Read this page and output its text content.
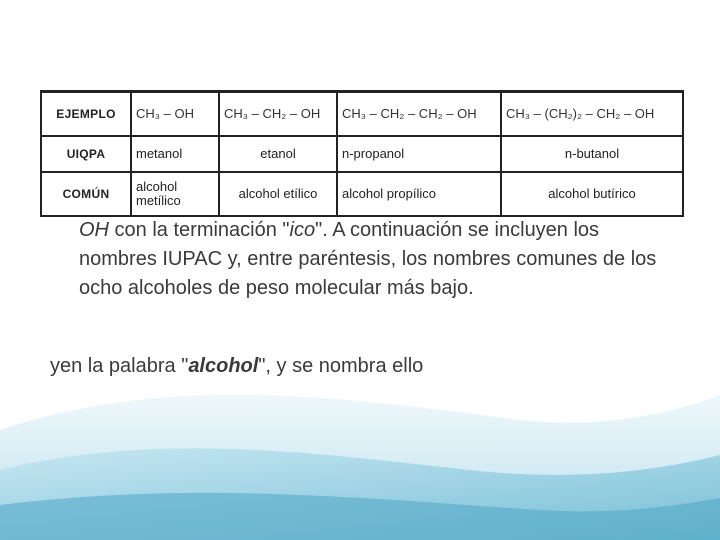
EJEMPLO	CH₃ – OH	CH₃ – CH₂ – OH	CH₃ – CH₂ – CH₂ – OH	CH₃ – (CH₂)₂ – CH₂ – OH
UIQPA	metanol	etanol	n-propanol	n-butanol
COMÚN	alcohol metílico	alcohol etílico	alcohol propílico	alcohol butírico
OH con la terminación "ico". A continuación se incluyen los nombres IUPAC y, entre paréntesis, los nombres comunes de los ocho alcoholes de peso molecular más bajo.
yen la palabra "alcohol", y se nombra ello
